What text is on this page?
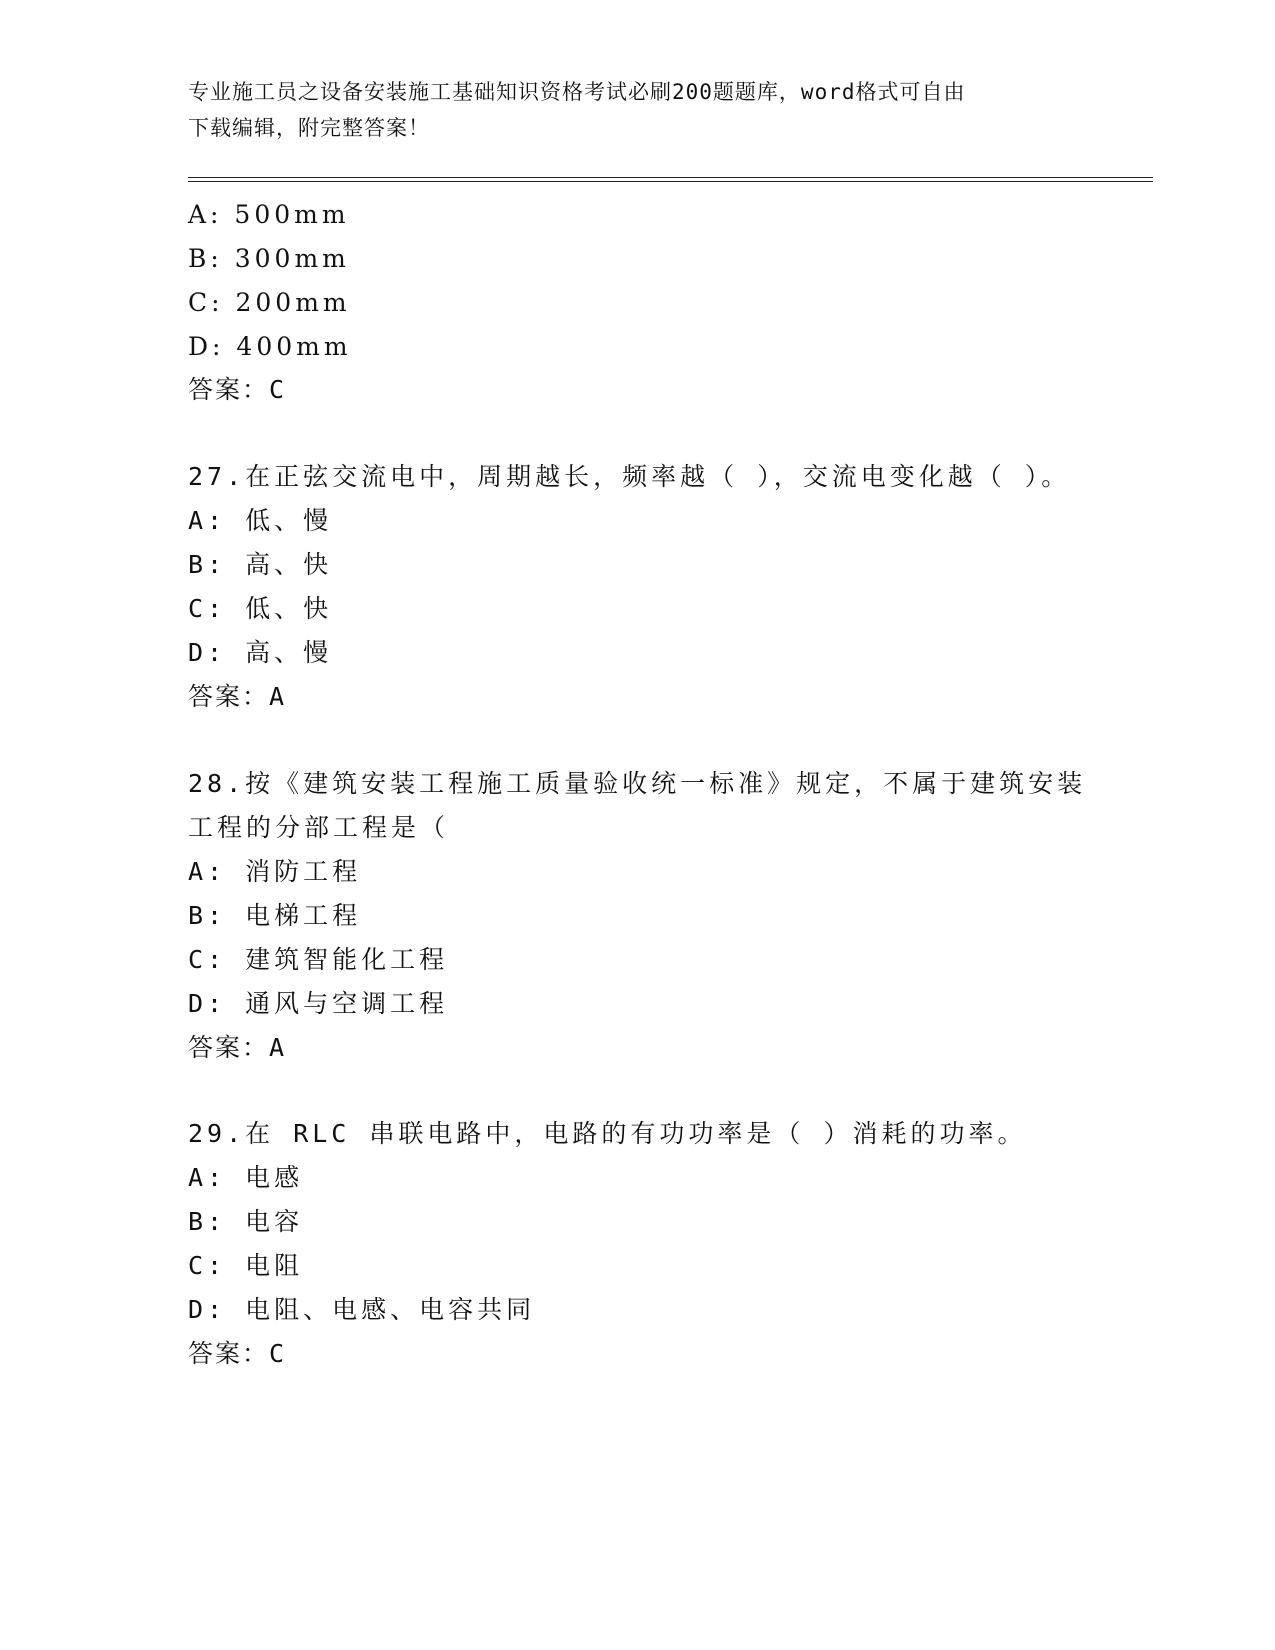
专业施工员之设备安装施工基础知识资格考试必刷200题题库，word格式可自由
下载编辑，附完整答案！
A: 500mm
B: 300mm
C: 200mm
D: 400mm
答案：C
27.在正弦交流电中，周期越长，频率越（ ），交流电变化越（ ）。
A: 低、慢
B: 高、快
C: 低、快
D: 高、慢
答案：A
28.按《建筑安装工程施工质量验收统一标准》规定，不属于建筑安装
工程的分部工程是（
A: 消防工程
B: 电梯工程
C: 建筑智能化工程
D: 通风与空调工程
答案：A
29.在 RLC 串联电路中，电路的有功功率是（ ）消耗的功率。
A: 电感
B: 电容
C: 电阻
D: 电阻、电感、电容共同
答案：C
